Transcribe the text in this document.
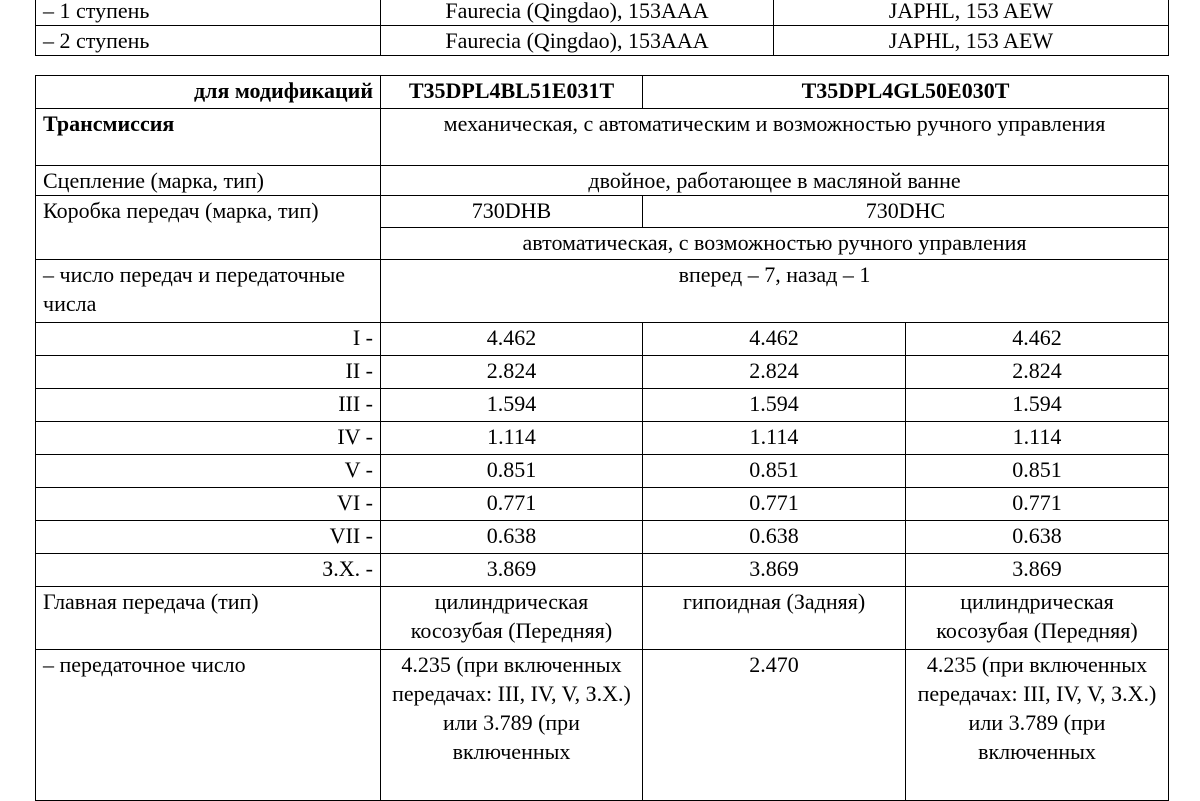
– 1 ступень	Faurecia (Qingdao), 153AAA	JAPHL, 153 AEW
– 2 ступень	Faurecia (Qingdao), 153AAA	JAPHL, 153 AEW
для модификаций	T35DPL4BL51E031T	T35DPL4GL50E030T	
Трансмиссия	механическая, с автоматическим и возможностью ручного управления		
Сцепление (марка, тип)	двойное, работающее в масляной ванне		
Коробка передач (марка, тип)	730DHB	730DHC	
	автоматическая, с возможностью ручного управления		
– число передач и передаточные числа	вперед – 7, назад – 1		
I -	4.462	4.462	4.462
II -	2.824	2.824	2.824
III -	1.594	1.594	1.594
IV -	1.114	1.114	1.114
V -	0.851	0.851	0.851
VI -	0.771	0.771	0.771
VII -	0.638	0.638	0.638
З.Х. -	3.869	3.869	3.869
Главная передача (тип)	цилиндрическая косозубая (Передняя)	гипоидная (Задняя)	цилиндрическая косозубая (Передняя)
– передаточное число	4.235 (при включенных передачах: III, IV, V, З.Х.) или 3.789 (при включенных	2.470	4.235 (при включенных передачах: III, IV, V, З.Х.) или 3.789 (при включенных
